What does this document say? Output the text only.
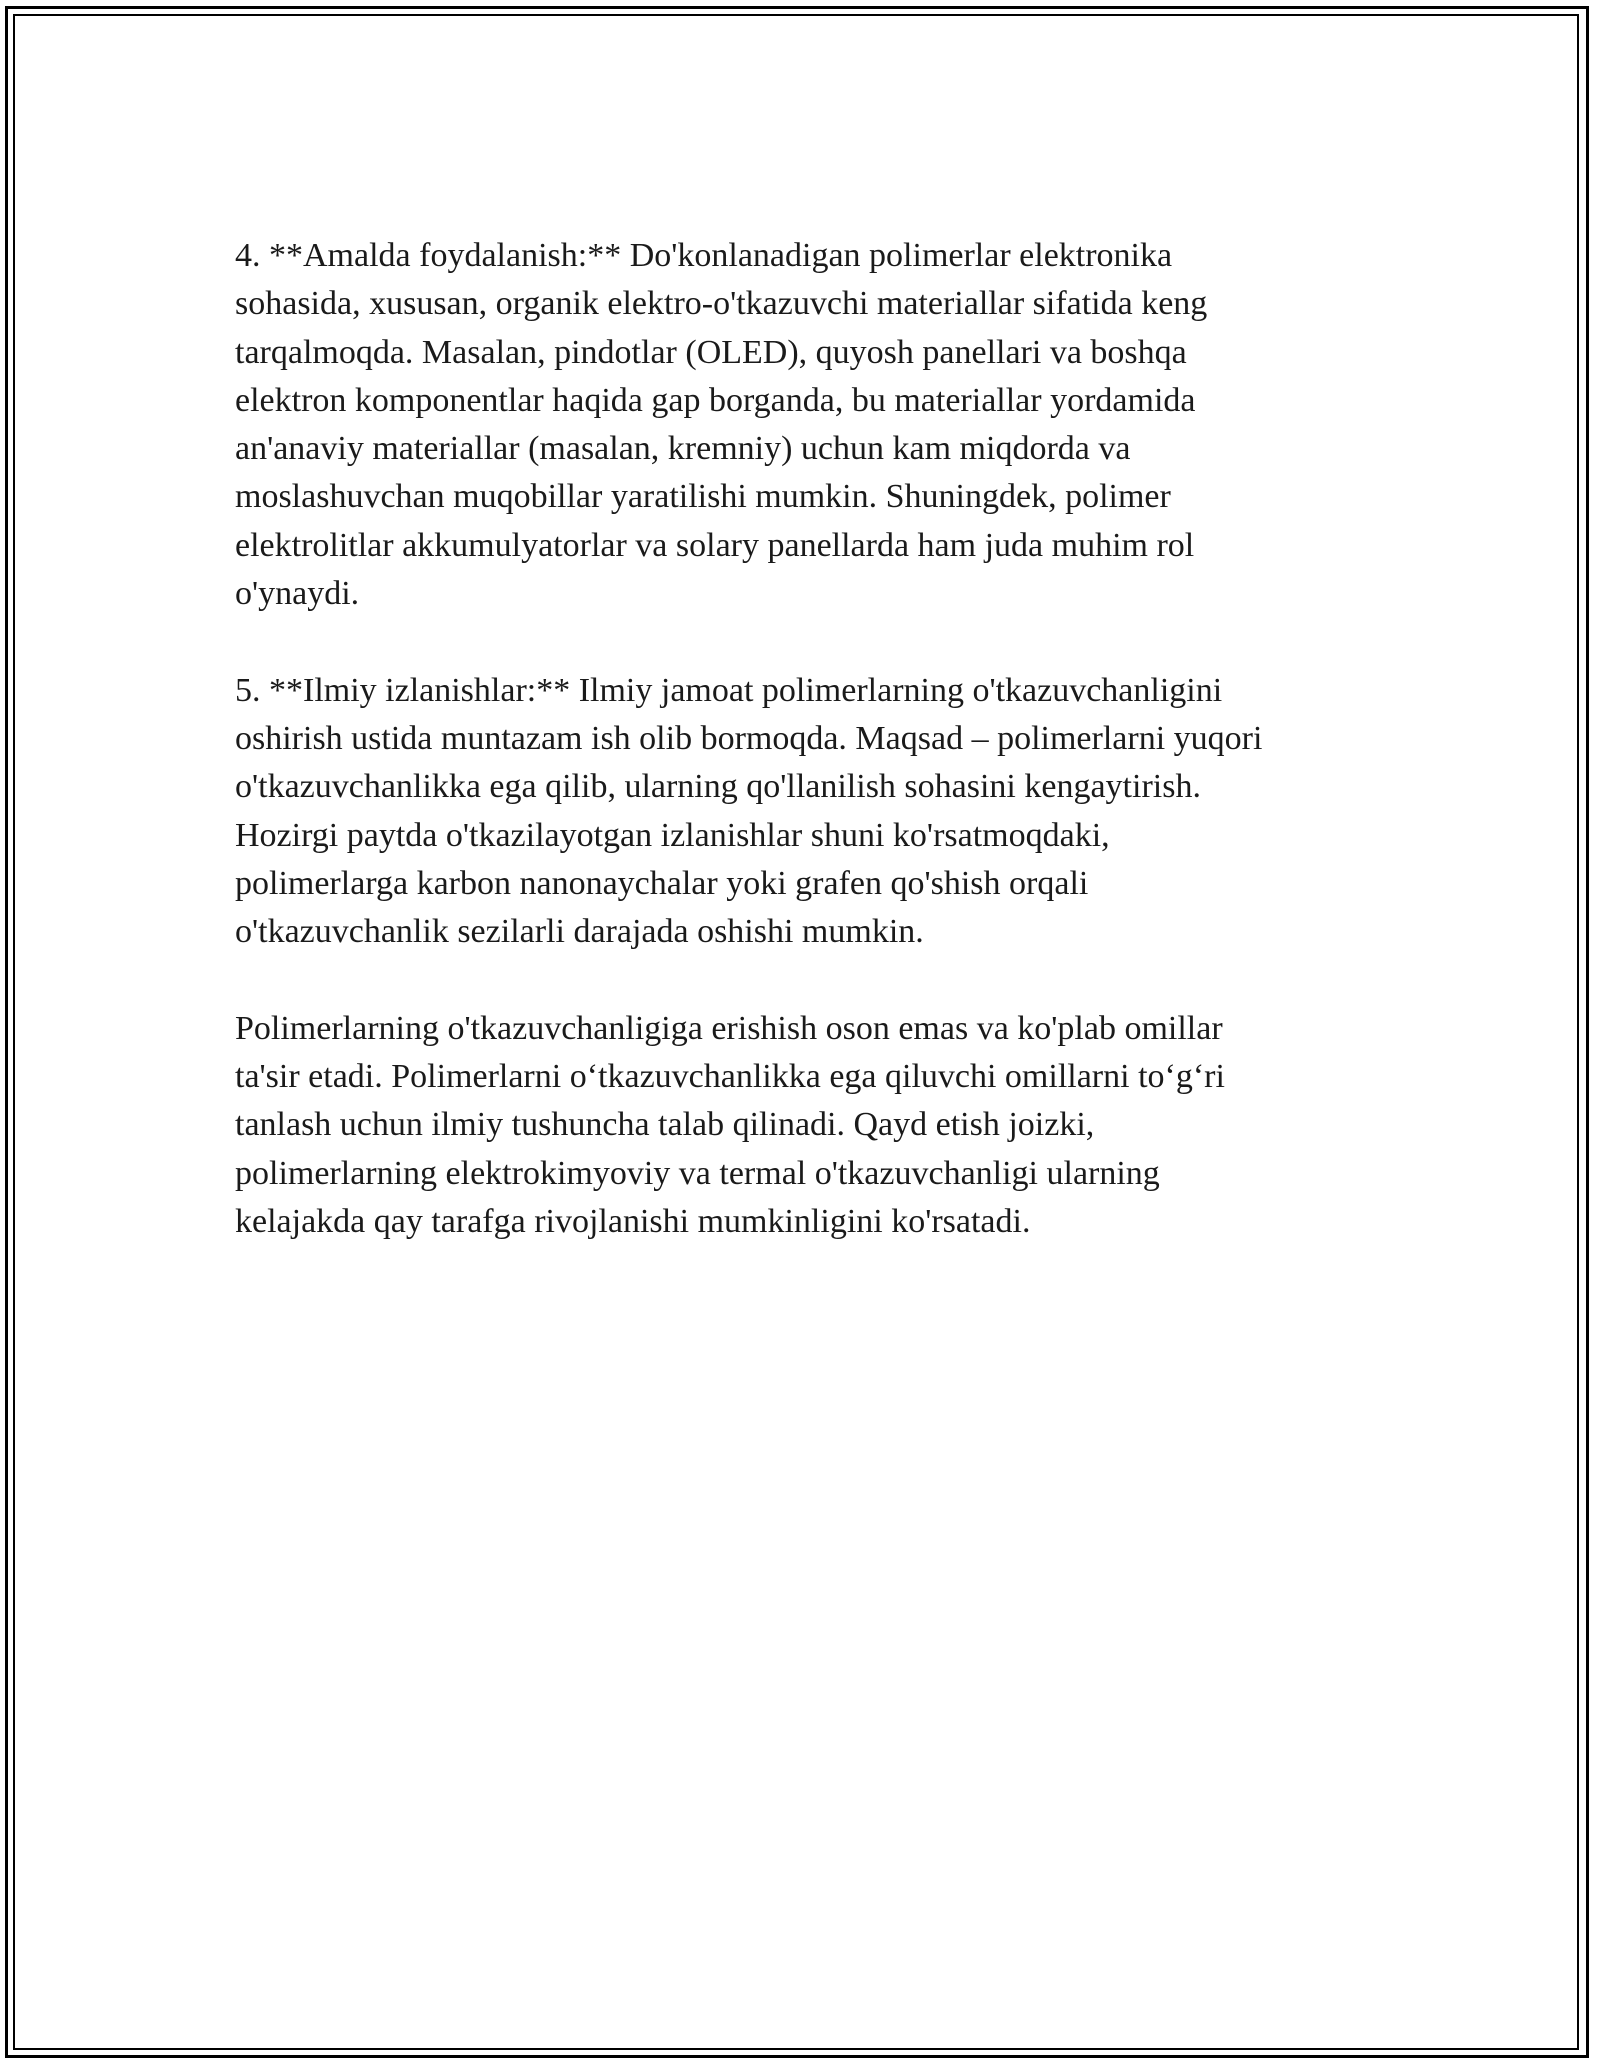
4. **Amalda foydalanish:** Do'konlanadigan polimerlar elektronika
sohasida, xususan, organik elektro-o'tkazuvchi materiallar sifatida keng
tarqalmoqda. Masalan, pindotlar (OLED), quyosh panellari va boshqa
elektron komponentlar haqida gap borganda, bu materiallar yordamida
an'anaviy materiallar (masalan, kremniy) uchun kam miqdorda va
moslashuvchan muqobillar yaratilishi mumkin. Shuningdek, polimer
elektrolitlar akkumulyatorlar va solary panellarda ham juda muhim rol
o'ynaydi.

5. **Ilmiy izlanishlar:** Ilmiy jamoat polimerlarning o'tkazuvchanligini
oshirish ustida muntazam ish olib bormoqda. Maqsad – polimerlarni yuqori
o'tkazuvchanlikka ega qilib, ularning qo'llanilish sohasini kengaytirish.
Hozirgi paytda o'tkazilayotgan izlanishlar shuni ko'rsatmoqdaki,
polimerlarga karbon nanonaychalar yoki grafen qo'shish orqali
o'tkazuvchanlik sezilarli darajada oshishi mumkin.

Polimerlarning o'tkazuvchanligiga erishish oson emas va ko'plab omillar
ta'sir etadi. Polimerlarni o‘tkazuvchanlikka ega qiluvchi omillarni to‘g‘ri
tanlash uchun ilmiy tushuncha talab qilinadi. Qayd etish joizki,
polimerlarning elektrokimyoviy va termal o'tkazuvchanligi ularning
kelajakda qay tarafga rivojlanishi mumkinligini ko'rsatadi.
